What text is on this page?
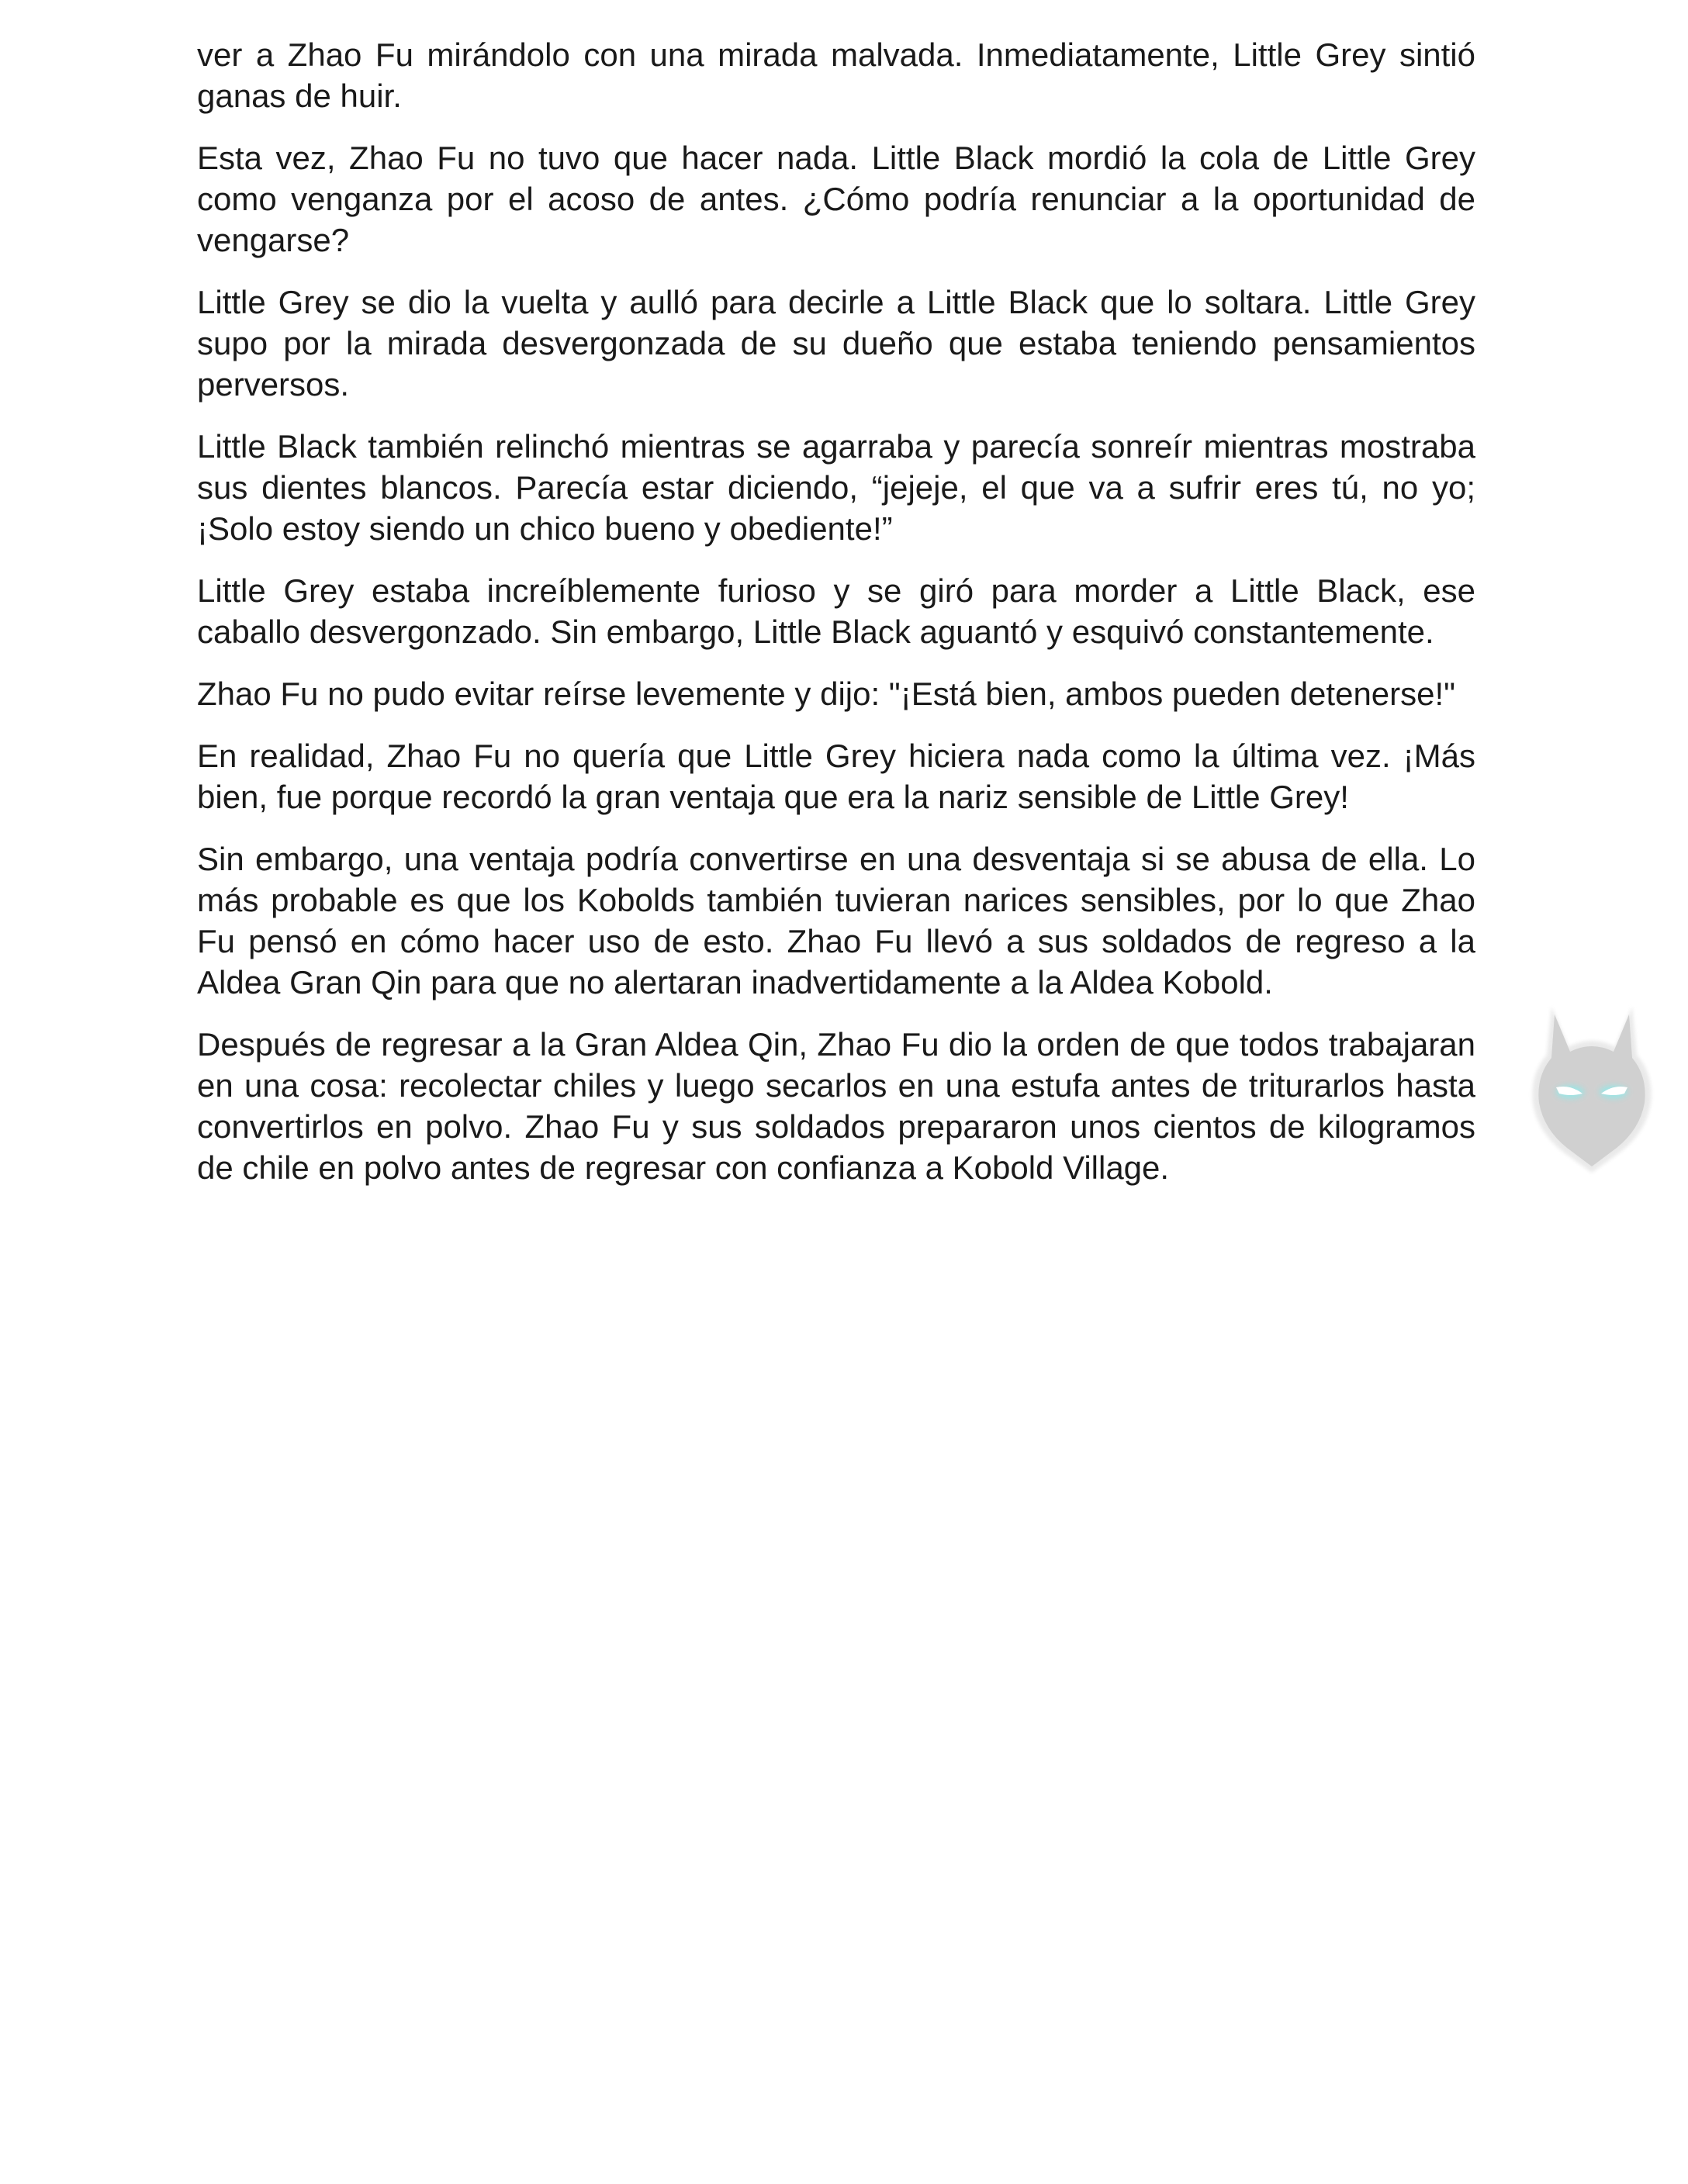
ver a Zhao Fu mirándolo con una mirada malvada. Inmediatamente, Little Grey sintió ganas de huir.

Esta vez, Zhao Fu no tuvo que hacer nada. Little Black mordió la cola de Little Grey como venganza por el acoso de antes. ¿Cómo podría renunciar a la oportunidad de vengarse?

Little Grey se dio la vuelta y aulló para decirle a Little Black que lo soltara. Little Grey supo por la mirada desvergonzada de su dueño que estaba teniendo pensamientos perversos.

Little Black también relinchó mientras se agarraba y parecía sonreír mientras mostraba sus dientes blancos. Parecía estar diciendo, “jejeje, el que va a sufrir eres tú, no yo; ¡Solo estoy siendo un chico bueno y obediente!”

Little Grey estaba increíblemente furioso y se giró para morder a Little Black, ese caballo desvergonzado. Sin embargo, Little Black aguantó y esquivó constantemente.

Zhao Fu no pudo evitar reírse levemente y dijo: "¡Está bien, ambos pueden detenerse!"

En realidad, Zhao Fu no quería que Little Grey hiciera nada como la última vez. ¡Más bien, fue porque recordó la gran ventaja que era la nariz sensible de Little Grey!

Sin embargo, una ventaja podría convertirse en una desventaja si se abusa de ella. Lo más probable es que los Kobolds también tuvieran narices sensibles, por lo que Zhao Fu pensó en cómo hacer uso de esto. Zhao Fu llevó a sus soldados de regreso a la Aldea Gran Qin para que no alertaran inadvertidamente a la Aldea Kobold.

Después de regresar a la Gran Aldea Qin, Zhao Fu dio la orden de que todos trabajaran en una cosa: recolectar chiles y luego secarlos en una estufa antes de triturarlos hasta convertirlos en polvo. Zhao Fu y sus soldados prepararon unos cientos de kilogramos de chile en polvo antes de regresar con confianza a Kobold Village.
